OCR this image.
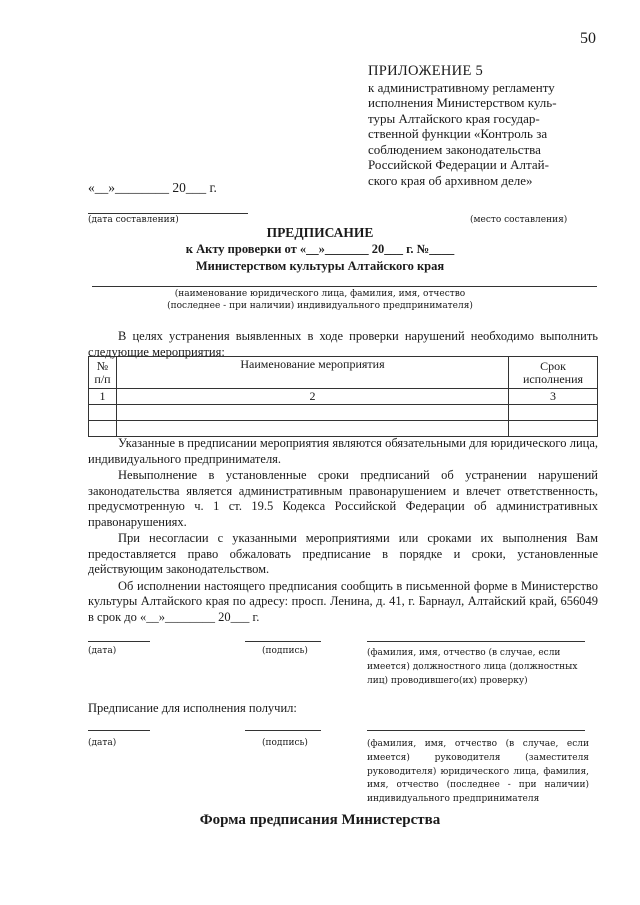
50
ПРИЛОЖЕНИЕ 5
к административному регламенту
исполнения Министерством куль-
туры Алтайского края государ-
ственной функции «Контроль за
соблюдением законодательства
Российской Федерации и Алтай-
ского края об архивном деле»
«__»________ 20___ г.
(дата составления)	(место составления)
ПРЕДПИСАНИЕ
к Акту проверки от «__»_______ 20___ г. №____
Министерством культуры Алтайского края
(наименование юридического лица, фамилия, имя, отчество
(последнее - при наличии) индивидуального предпринимателя)
В целях устранения выявленных в ходе проверки нарушений необходимо выполнить следующие мероприятия:
№ п/п	Наименование мероприятия	Срок исполнения
1	2	3

Указанные в предписании мероприятия являются обязательными для юридического лица, индивидуального предпринимателя.

Невыполнение в установленные сроки предписаний об устранении нарушений законодательства является административным правонарушением и влечет ответственность, предусмотренную ч. 1 ст. 19.5 Кодекса Российской Федерации об административных правонарушениях.

При несогласии с указанными мероприятиями или сроками их выполнения Вам предоставляется право обжаловать предписание в порядке и сроки, установленные действующим законодательством.

Об исполнении настоящего предписания сообщить в письменной форме в Министерство культуры Алтайского края по адресу: просп. Ленина, д. 41, г. Барнаул, Алтайский край, 656049 в срок до «__»________ 20___ г.

(дата)	(подпись)	(фамилия, имя, отчество (в случае, если имеется) должностного лица (должностных лиц) проводившего(их) проверку)
Предписание для исполнения получил:
(дата)	(подпись)	(фамилия, имя, отчество (в случае, если имеется) руководителя (заместителя руководителя) юридического лица, фамилия, имя, отчество (последнее - при наличии) индивидуального предпринимателя
Форма предписания Министерства
